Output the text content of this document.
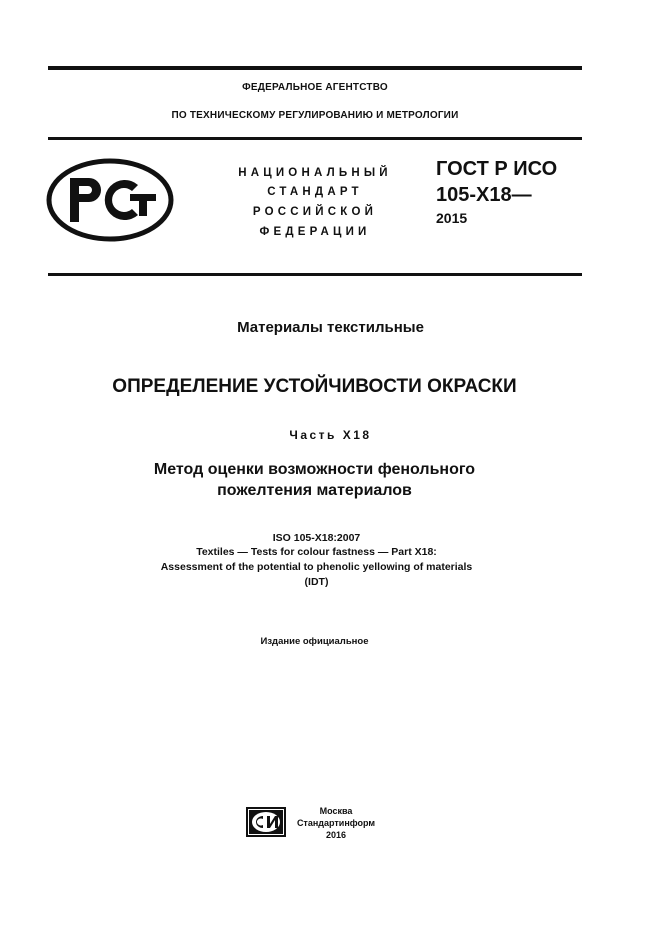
ФЕДЕРАЛЬНОЕ АГЕНТСТВО
ПО ТЕХНИЧЕСКОМУ РЕГУЛИРОВАНИЮ И МЕТРОЛОГИИ
НАЦИОНАЛЬНЫЙ
СТАНДАРТ
РОССИЙСКОЙ
ФЕДЕРАЦИИ
ГОСТ Р ИСО
105-X18—
2015
Материалы текстильные
ОПРЕДЕЛЕНИЕ УСТОЙЧИВОСТИ ОКРАСКИ
Часть X18
Метод оценки возможности фенольного
пожелтения материалов
ISO 105-X18:2007
Textiles — Tests for colour fastness — Part X18:
Assessment of the potential to phenolic yellowing of materials
(IDT)
Издание официальное
Москва
Стандартинформ
2016
